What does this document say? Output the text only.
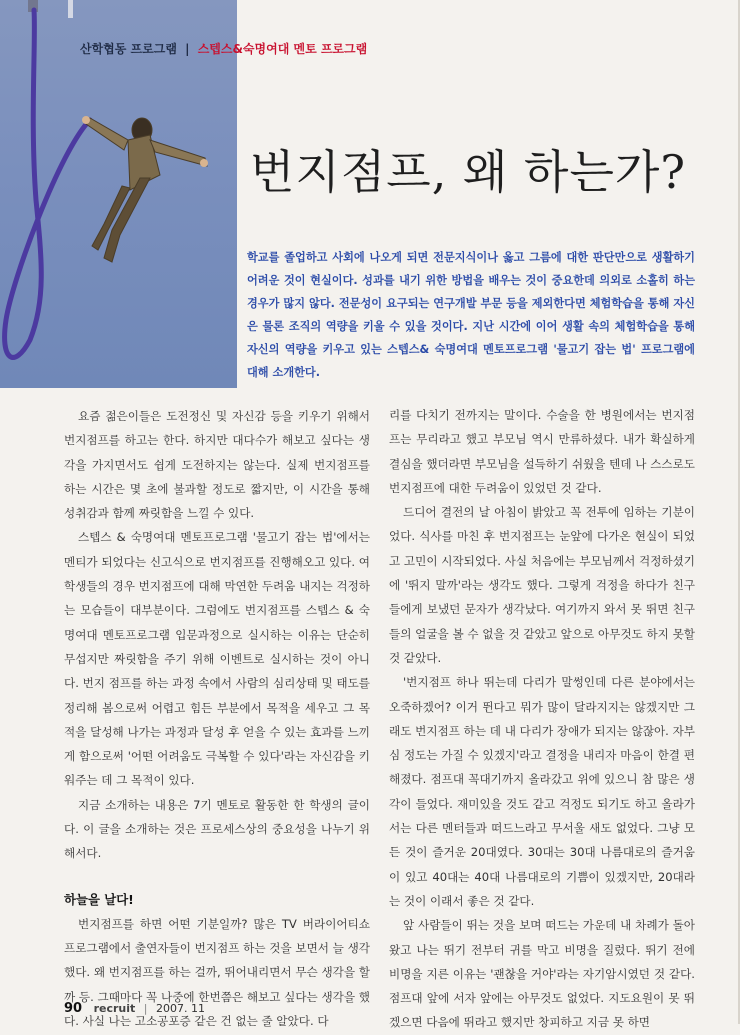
산학협동 프로그램 | 스텝스&숙명여대 멘토 프로그램
번지점프, 왜 하는가?
학교를 졸업하고 사회에 나오게 되면 전문지식이나 옳고 그름에 대한 판단만으로 생활하기 어려운 것이 현실이다. 성과를 내기 위한 방법을 배우는 것이 중요한데 의외로 소홀히 하는 경우가 많지 않다. 전문성이 요구되는 연구개발 부문 등을 제외한다면 체험학습을 통해 자신은 물론 조직의 역량을 키울 수 있을 것이다. 지난 시간에 이어 생활 속의 체험학습을 통해 자신의 역량을 키우고 있는 스텝스& 숙명여대 멘토프로그램 '물고기 잡는 법' 프로그램에 대해 소개한다.

요즘 젊은이들은 도전정신 및 자신감 등을 키우기 위해서 번지점프를 하고는 한다. 하지만 대다수가 해보고 싶다는 생각을 가지면서도 쉽게 도전하지는 않는다. 실제 번지점프를 하는 시간은 몇 초에 불과할 정도로 짧지만, 이 시간을 통해 성취감과 함께 짜릿함을 느낄 수 있다.

스텝스 & 숙명여대 멘토프로그램 '물고기 잡는 법'에서는 멘티가 되었다는 신고식으로 번지점프를 진행해오고 있다. 여학생들의 경우 번지점프에 대해 막연한 두려움 내지는 걱정하는 모습들이 대부분이다. 그럼에도 번지점프를 스텝스 & 숙명여대 멘토프로그램 입문과정으로 실시하는 이유는 단순히 무섭지만 짜릿함을 주기 위해 이벤트로 실시하는 것이 아니다. 번지 점프를 하는 과정 속에서 사람의 심리상태 및 태도를 정리해 봄으로써 어렵고 힘든 부분에서 목적을 세우고 그 목적을 달성해 나가는 과정과 달성 후 얻을 수 있는 효과를 느끼게 함으로써 '어떤 어려움도 극복할 수 있다'라는 자신감을 키워주는 데 그 목적이 있다.

지금 소개하는 내용은 7기 멘토로 활동한 한 학생의 글이다. 이 글을 소개하는 것은 프로세스상의 중요성을 나누기 위해서다.

하늘을 날다!

번지점프를 하면 어떤 기분일까? 많은 TV 버라이어티쇼 프로그램에서 출연자들이 번지점프 하는 것을 보면서 늘 생각했다. 왜 번지점프를 하는 걸까, 뛰어내리면서 무슨 생각을 할까 등. 그때마다 꼭 나중에 한번쯤은 해보고 싶다는 생각을 했다. 사실 나는 고소공포증 같은 건 없는 줄 알았다. 다

리를 다치기 전까지는 말이다. 수술을 한 병원에서는 번지점프는 무리라고 했고 부모님 역시 만류하셨다. 내가 확실하게 결심을 했더라면 부모님을 설득하기 쉬웠을 텐데 나 스스로도 번지점프에 대한 두려움이 있었던 것 같다.

드디어 결전의 날 아침이 밝았고 꼭 전투에 임하는 기분이었다. 식사를 마친 후 번지점프는 눈앞에 다가온 현실이 되었고 고민이 시작되었다. 사실 처음에는 부모님께서 걱정하셨기에 '뛰지 말까'라는 생각도 했다. 그렇게 걱정을 하다가 친구들에게 보냈던 문자가 생각났다. 여기까지 와서 못 뛰면 친구들의 얼굴을 볼 수 없을 것 같았고 앞으로 아무것도 하지 못할 것 같았다.

'번지점프 하나 뛰는데 다리가 말썽인데 다른 분야에서는 오죽하겠어? 이거 뛴다고 뭐가 많이 달라지지는 않겠지만 그래도 번지점프 하는 데 내 다리가 장애가 되지는 않잖아. 자부심 정도는 가질 수 있겠지'라고 결정을 내리자 마음이 한결 편해졌다. 점프대 꼭대기까지 올라갔고 위에 있으니 참 많은 생각이 들었다. 재미있을 것도 같고 걱정도 되기도 하고 올라가서는 다른 멘터들과 떠드느라고 무서울 새도 없었다. 그냥 모든 것이 즐거운 20대였다. 30대는 30대 나름대로의 즐거움이 있고 40대는 40대 나름대로의 기쁨이 있겠지만, 20대라는 것이 이래서 좋은 것 같다.

앞 사람들이 뛰는 것을 보며 떠드는 가운데 내 차례가 돌아왔고 나는 뛰기 전부터 귀를 막고 비명을 질렀다. 뛰기 전에 비명을 지른 이유는 '괜찮을 거야'라는 자기암시였던 것 같다. 점프대 앞에 서자 앞에는 아무것도 없었다. 지도요원이 못 뛰겠으면 다음에 뛰라고 했지만 창피하고 지금 못 하면

90 recruit | 2007. 11
